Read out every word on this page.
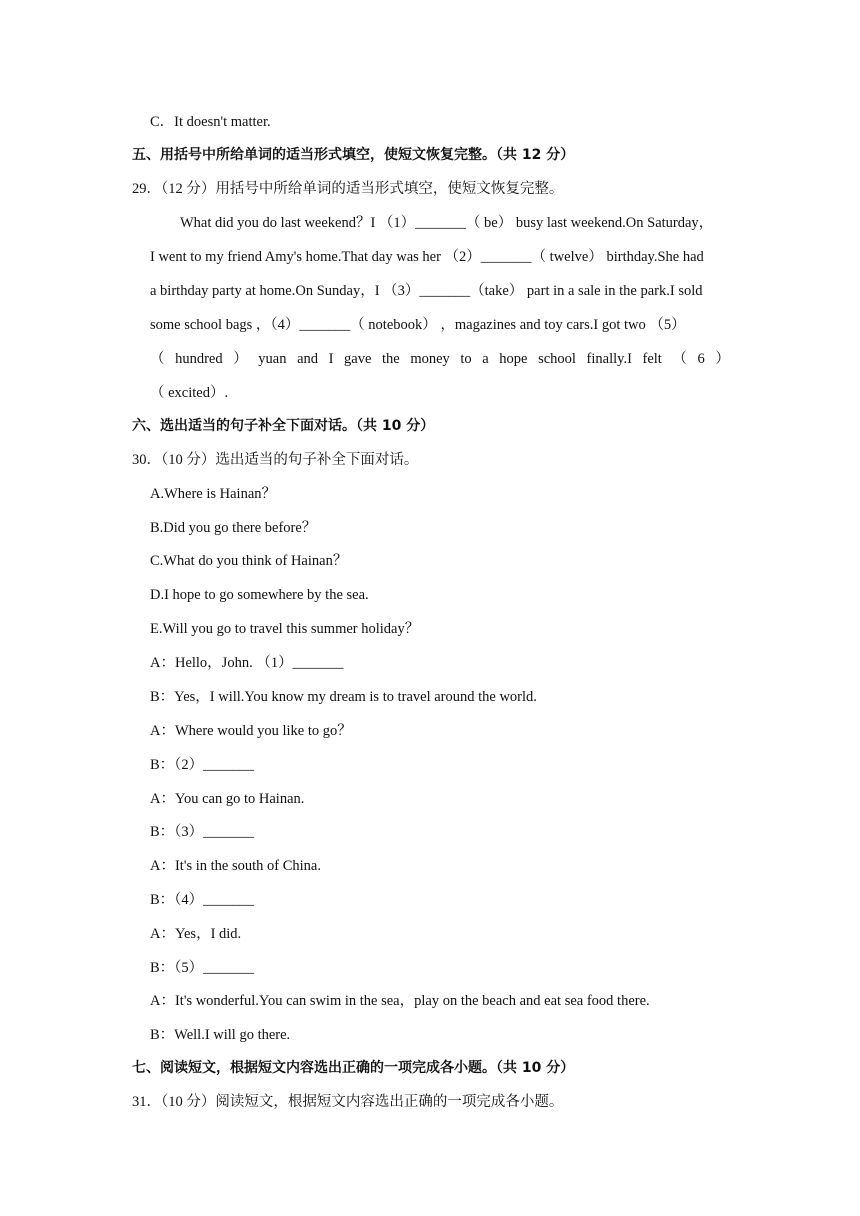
C．It doesn't matter.
五、用括号中所给单词的适当形式填空，使短文恢复完整。（共 12 分）
29．（12 分）用括号中所给单词的适当形式填空，使短文恢复完整。
What did you do last weekend？I （1）_______（ be） busy last weekend.On Saturday，
I went to my friend Amy's home.That day was her （2）_______（ twelve） birthday.She had
a birthday party at home.On Sunday，I （3）_______（take） part in a sale in the park.I sold
some school bags ，（4）_______（ notebook） ，magazines and toy cars.I got two （5）
（ hundred ） yuan and I gave the money to a hope school finally.I felt （ 6 ）
（ excited）.
六、选出适当的句子补全下面对话。（共 10 分）
30．（10 分）选出适当的句子补全下面对话。
A.Where is Hainan？
B.Did you go there before？
C.What do you think of Hainan？
D.I hope to go somewhere by the sea.
E.Will you go to travel this summer holiday？
A：Hello，John. （1）_______
B：Yes，I will.You know my dream is to travel around the world.
A：Where would you like to go？
B：（2）_______
A：You can go to Hainan.
B：（3）_______
A：It's in the south of China.
B：（4）_______
A：Yes，I did.
B：（5）_______
A：It's wonderful.You can swim in the sea，play on the beach and eat sea food there.
B：Well.I will go there.
七、阅读短文，根据短文内容选出正确的一项完成各小题。（共 10 分）
31．（10 分）阅读短文，根据短文内容选出正确的一项完成各小题。
